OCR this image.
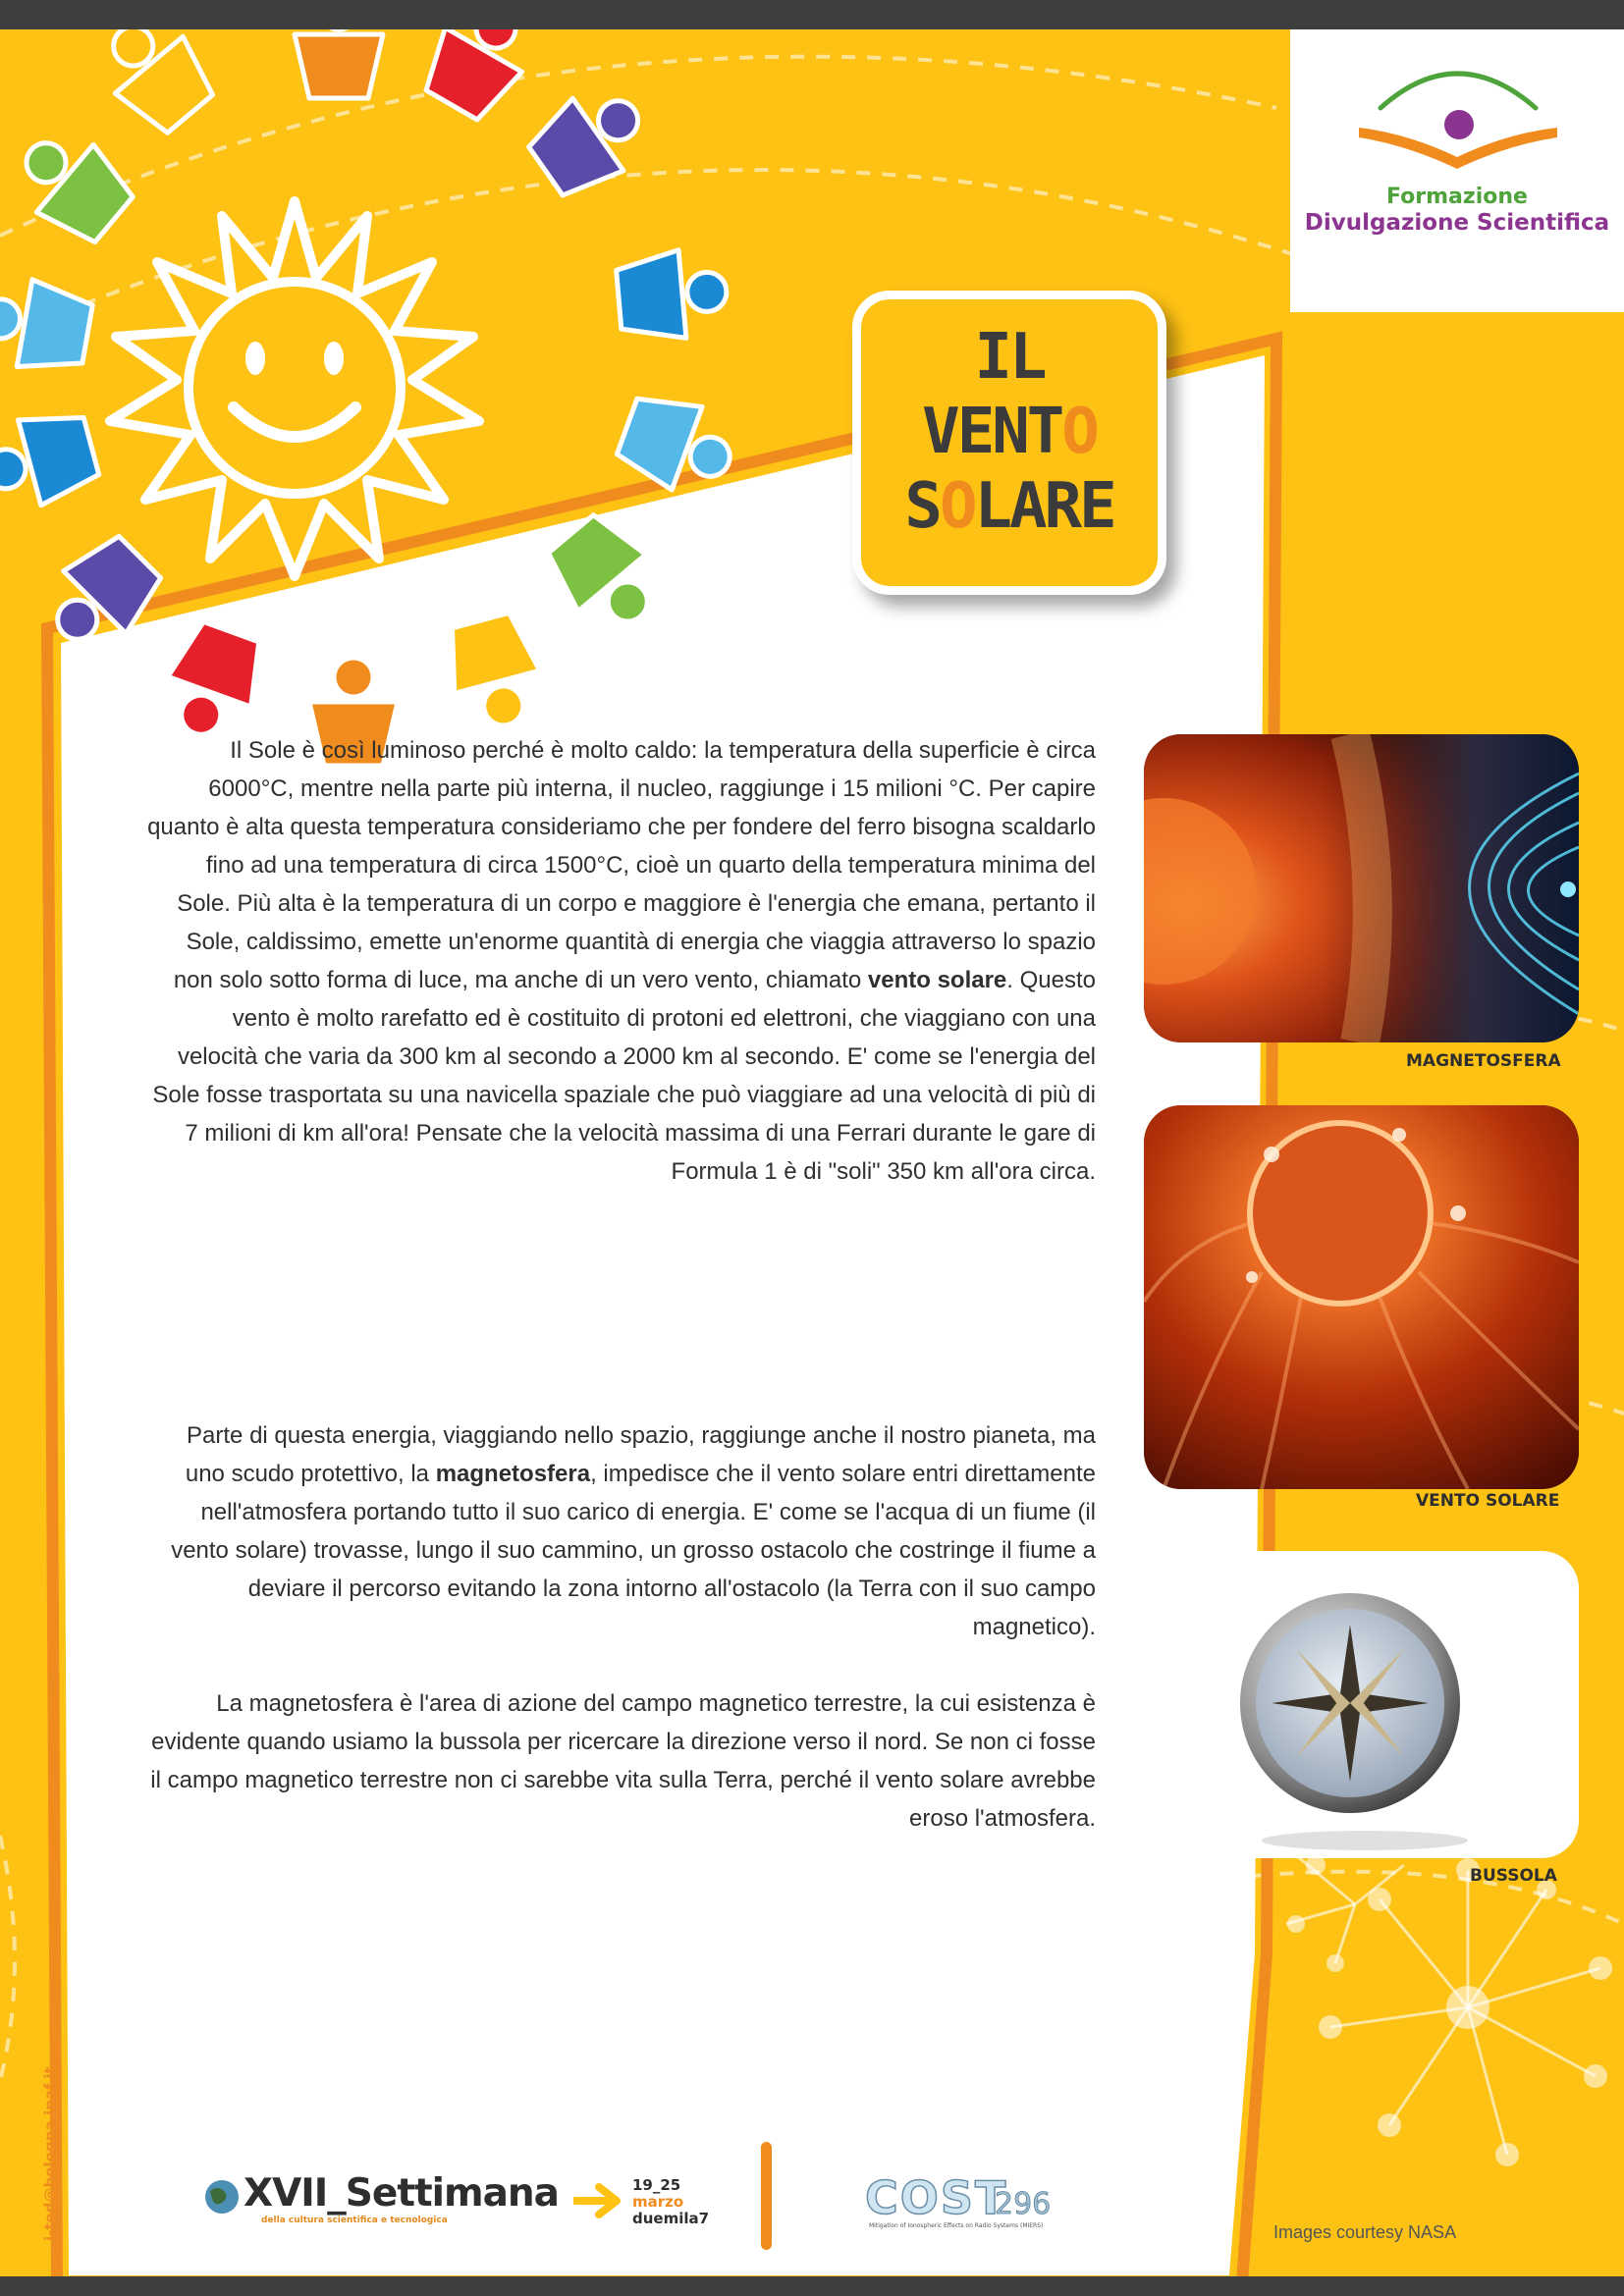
Formazione
Divulgazione Scientifica
IL
VENTO
SOLARE

Il Sole è così luminoso perché è molto caldo: la temperatura della superficie è circa 6000°C, mentre nella parte più interna, il nucleo, raggiunge i 15 milioni °C. Per capire quanto è alta questa temperatura consideriamo che per fondere del ferro bisogna scaldarlo fino ad una temperatura di circa 1500°C, cioè un quarto della temperatura minima del Sole. Più alta è la temperatura di un corpo e maggiore è l'energia che emana, pertanto il Sole, caldissimo, emette un'enorme quantità di energia che viaggia attraverso lo spazio non solo sotto forma di luce, ma anche di un vero vento, chiamato vento solare. Questo vento è molto rarefatto ed è costituito di protoni ed elettroni, che viaggiano con una velocità che varia da 300 km al secondo a 2000 km al secondo. E' come se l'energia del Sole fosse trasportata su una navicella spaziale che può viaggiare ad una velocità di più di 7 milioni di km all'ora! Pensate che la velocità massima di una Ferrari durante le gare di Formula 1 è di "soli" 350 km all'ora circa.

Parte di questa energia, viaggiando nello spazio, raggiunge anche il nostro pianeta, ma uno scudo protettivo, la magnetosfera, impedisce che il vento solare entri direttamente nell'atmosfera portando tutto il suo carico di energia. E' come se l'acqua di un fiume (il vento solare) trovasse, lungo il suo cammino, un grosso ostacolo che costringe il fiume a deviare il percorso evitando la zona intorno all'ostacolo (la Terra con il suo campo magnetico).

La magnetosfera è l'area di azione del campo magnetico terrestre, la cui esistenza è evidente quando usiamo la bussola per ricercare la direzione verso il nord. Se non ci fosse il campo magnetico terrestre non ci sarebbe vita sulla Terra, perché il vento solare avrebbe eroso l'atmosfera.

MAGNETOSFERA
VENTO SOLARE
BUSSOLA
XVII_Settimana
della cultura scientifica e tecnologica
19_25
marzo
duemila7	COST
296
Mitigation of Ionospheric Effects on Radio Systems (MIERS)	Images courtesy NASA
i-ted@bologna.inaf.it
